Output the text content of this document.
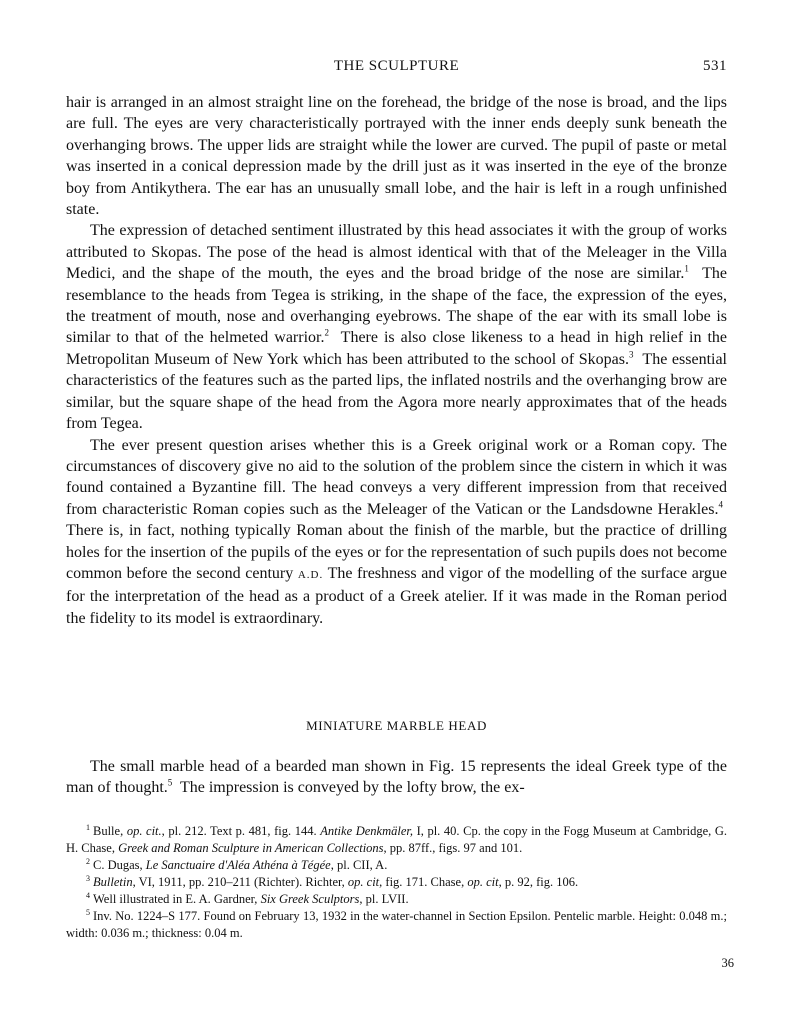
THE SCULPTURE	531

hair is arranged in an almost straight line on the forehead, the bridge of the nose is broad, and the lips are full. The eyes are very characteristically portrayed with the inner ends deeply sunk beneath the overhanging brows. The upper lids are straight while the lower are curved. The pupil of paste or metal was inserted in a conical depression made by the drill just as it was inserted in the eye of the bronze boy from Antikythera. The ear has an unusually small lobe, and the hair is left in a rough unfinished state.

The expression of detached sentiment illustrated by this head associates it with the group of works attributed to Skopas. The pose of the head is almost identical with that of the Meleager in the Villa Medici, and the shape of the mouth, the eyes and the broad bridge of the nose are similar.$^1$ The resemblance to the heads from Tegea is striking, in the shape of the face, the expression of the eyes, the treatment of mouth, nose and overhanging eyebrows. The shape of the ear with its small lobe is similar to that of the helmeted warrior.$^2$ There is also close likeness to a head in high relief in the Metropolitan Museum of New York which has been attributed to the school of Skopas.$^3$ The essential characteristics of the features such as the parted lips, the inflated nostrils and the overhanging brow are similar, but the square shape of the head from the Agora more nearly approximates that of the heads from Tegea.

The ever present question arises whether this is a Greek original work or a Roman copy. The circumstances of discovery give no aid to the solution of the problem since the cistern in which it was found contained a Byzantine fill. The head conveys a very different impression from that received from characteristic Roman copies such as the Meleager of the Vatican or the Landsdowne Herakles.$^4$  There is, in fact, nothing typically Roman about the finish of the marble, but the practice of drilling holes for the insertion of the pupils of the eyes or for the representation of such pupils does not become common before the second century A.D. The freshness and vigor of the modelling of the surface argue for the interpretation of the head as a product of a Greek atelier. If it was made in the Roman period the fidelity to its model is extraordinary.

MINIATURE MARBLE HEAD

The small marble head of a bearded man shown in Fig. 15 represents the ideal Greek type of the man of thought.$^5$ The impression is conveyed by the lofty brow, the ex-

$^1$ Bulle, op. cit., pl. 212. Text p. 481, fig. 144. Antike Denkmäler, I, pl. 40. Cp. the copy in the Fogg Museum at Cambridge, G. H. Chase, Greek and Roman Sculpture in American Collections, pp. 87ff., figs. 97 and 101.

$^2$ C. Dugas, Le Sanctuaire d'Aléa Athéna à Tégée, pl. CII, A.

$^3$ Bulletin, VI, 1911, pp. 210–211 (Richter). Richter, op. cit, fig. 171. Chase, op. cit, p. 92, fig. 106.

$^4$ Well illustrated in E. A. Gardner, Six Greek Sculptors, pl. LVII.

$^5$ Inv. No. 1224–S 177. Found on February 13, 1932 in the water-channel in Section Epsilon. Pentelic marble. Height: 0.048 m.; width: 0.036 m.; thickness: 0.04 m.

36
